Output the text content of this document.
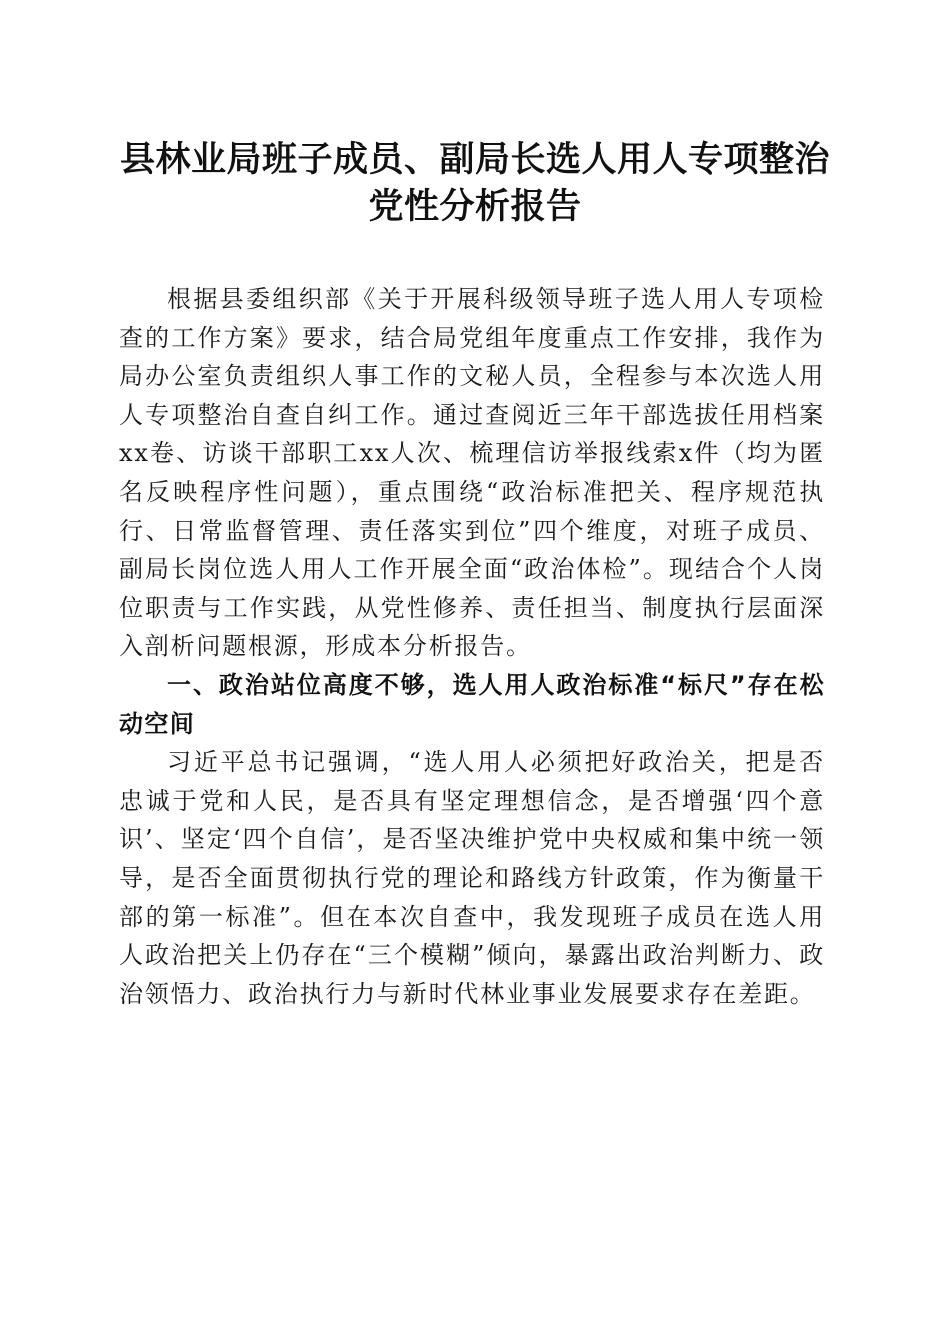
县林业局班子成员、副局长选人用人专项整治
党性分析报告

根据县委组织部《关于开展科级领导班子选人用人专项检查的工作方案》要求，结合局党组年度重点工作安排，我作为局办公室负责组织人事工作的文秘人员，全程参与本次选人用人专项整治自查自纠工作。通过查阅近三年干部选拔任用档案xx卷、访谈干部职工xx人次、梳理信访举报线索x件（均为匿名反映程序性问题），重点围绕“政治标准把关、程序规范执行、日常监督管理、责任落实到位”四个维度，对班子成员、副局长岗位选人用人工作开展全面“政治体检”。现结合个人岗位职责与工作实践，从党性修养、责任担当、制度执行层面深入剖析问题根源，形成本分析报告。

一、政治站位高度不够，选人用人政治标准“标尺”存在松动空间

习近平总书记强调，“选人用人必须把好政治关，把是否忠诚于党和人民，是否具有坚定理想信念，是否增强‘四个意识’、坚定‘四个自信’，是否坚决维护党中央权威和集中统一领导，是否全面贯彻执行党的理论和路线方针政策，作为衡量干部的第一标准”。但在本次自查中，我发现班子成员在选人用人政治把关上仍存在“三个模糊”倾向，暴露出政治判断力、政治领悟力、政治执行力与新时代林业事业发展要求存在差距。
